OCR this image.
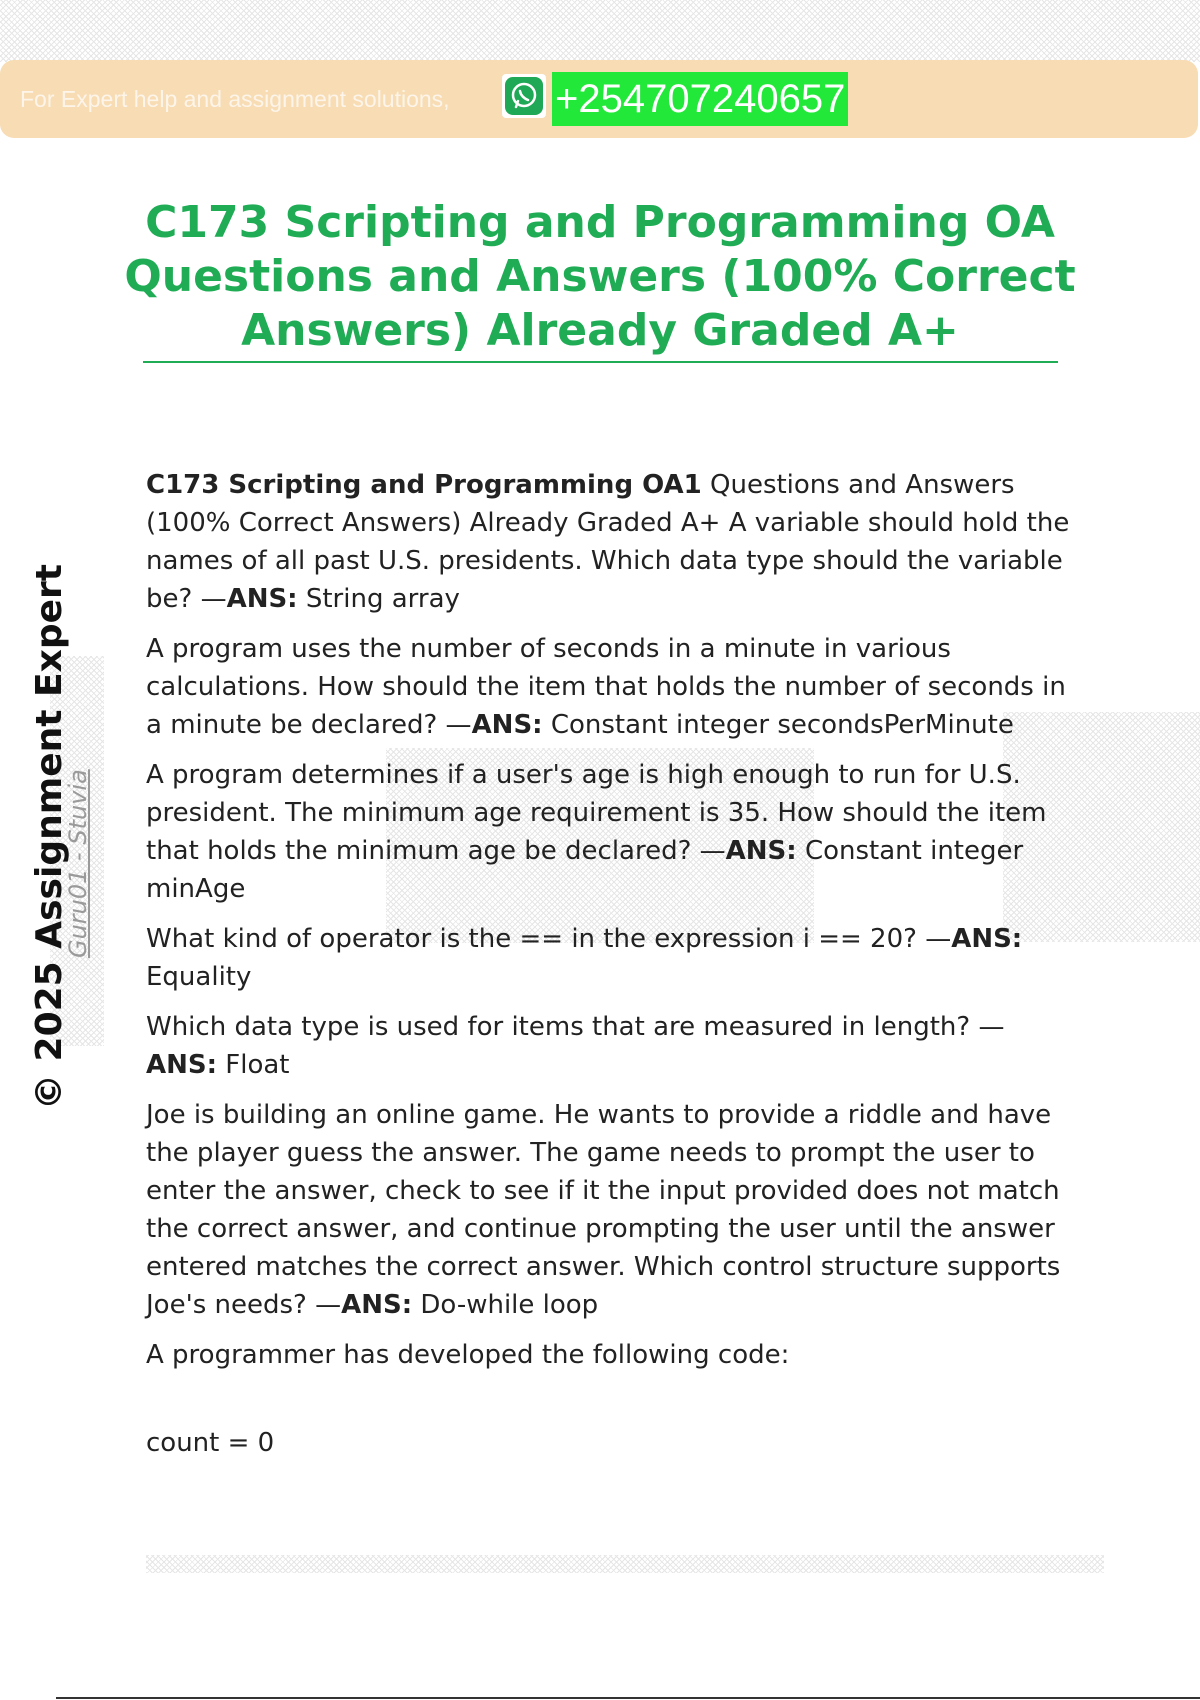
For Expert help and assignment solutions,	+254707240657
C173 Scripting and Programming OA Questions and Answers (100% Correct Answers) Already Graded A+
© 2025 Assignment Expert
Guru01 - Stuvia

C173 Scripting and Programming OA1 Questions and Answers (100% Correct Answers) Already Graded A+ A variable should hold the names of all past U.S. presidents. Which data type should the variable be? —ANS: String array

A program uses the number of seconds in a minute in various calculations. How should the item that holds the number of seconds in a minute be declared? —ANS: Constant integer secondsPerMinute

A program determines if a user's age is high enough to run for U.S. president. The minimum age requirement is 35. How should the item that holds the minimum age be declared? —ANS: Constant integer minAge

What kind of operator is the == in the expression i == 20? —ANS: Equality

Which data type is used for items that are measured in length? —ANS: Float

Joe is building an online game. He wants to provide a riddle and have the player guess the answer. The game needs to prompt the user to enter the answer, check to see if it the input provided does not match the correct answer, and continue prompting the user until the answer entered matches the correct answer. Which control structure supports Joe's needs? —ANS: Do-while loop

A programmer has developed the following code:

count = 0
